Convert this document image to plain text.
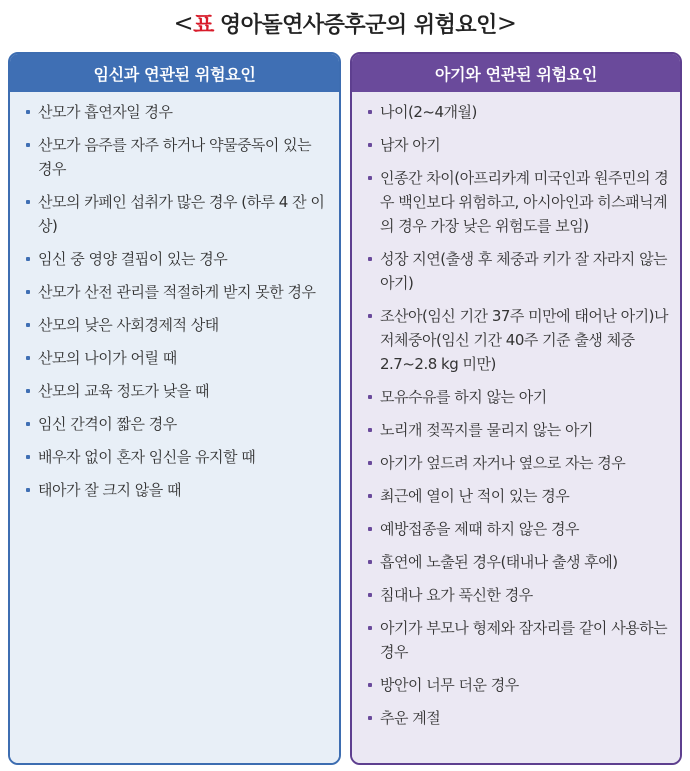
< 표 영아돌연사증후군의 위험요인 >
임신과 연관된 위험요인
산모가 흡연자일 경우
산모가 음주를 자주 하거나 약물중독이 있는 경우
산모의 카페인 섭취가 많은 경우 (하루 4 잔 이상)
임신 중 영양 결핍이 있는 경우
산모가 산전 관리를 적절하게 받지 못한 경우
산모의 낮은 사회경제적 상태
산모의 나이가 어릴 때
산모의 교육 정도가 낮을 때
임신 간격이 짧은 경우
배우자 없이 혼자 임신을 유지할 때
태아가 잘 크지 않을 때
아기와 연관된 위험요인
나이(2~4개월)
남자 아기
인종간 차이(아프리카계 미국인과 원주민의 경우 백인보다 위험하고, 아시아인과 히스패닉계의 경우 가장 낮은 위험도를 보임)
성장 지연(출생 후 체중과 키가 잘 자라지 않는 아기)
조산아(임신 기간 37주 미만에 태어난 아기)나 저체중아(임신 기간 40주 기준 출생 체중 2.7~2.8 kg 미만)
모유수유를 하지 않는 아기
노리개 젖꼭지를 물리지 않는 아기
아기가 엎드려 자거나 옆으로 자는 경우
최근에 열이 난 적이 있는 경우
예방접종을 제때 하지 않은 경우
흡연에 노출된 경우(태내나 출생 후에)
침대나 요가 푹신한 경우
아기가 부모나 형제와 잠자리를 같이 사용하는 경우
방안이 너무 더운 경우
추운 계절
